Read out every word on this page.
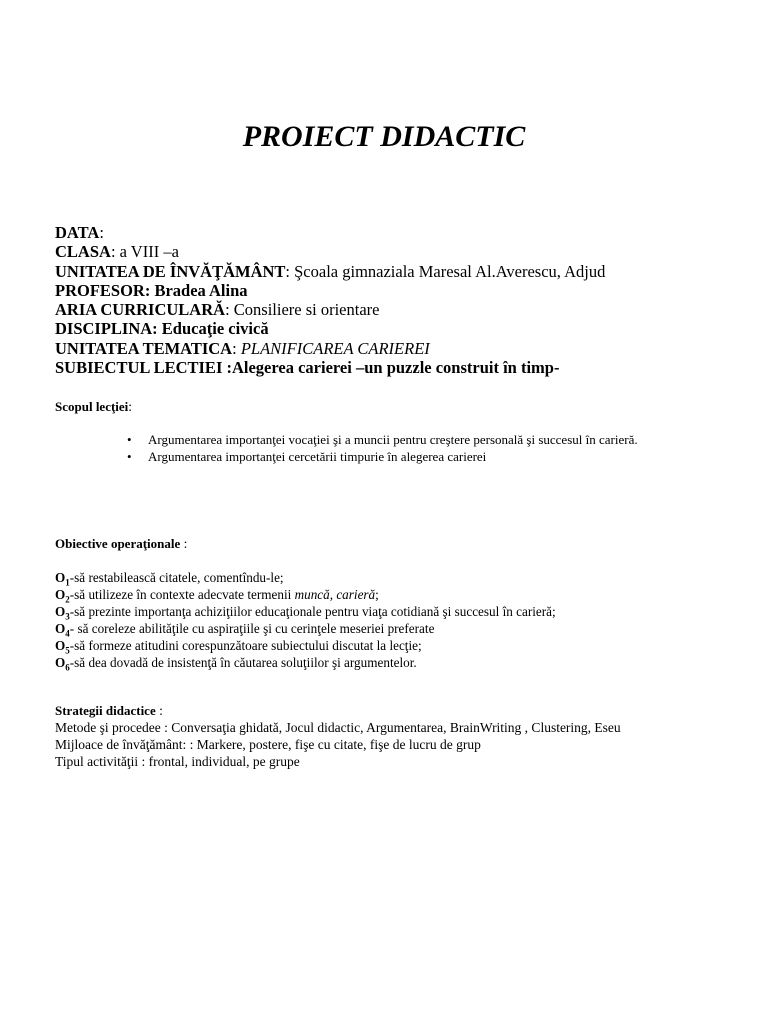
PROIECT DIDACTIC
DATA:
CLASA: a VIII –a
UNITATEA DE ÎNVĂŢĂMÂNT: Şcoala gimnaziala Maresal Al.Averescu, Adjud
PROFESOR: Bradea Alina
ARIA CURRICULARĂ: Consiliere si orientare
DISCIPLINA: Educaţie civică
UNITATEA TEMATICA: PLANIFICAREA CARIEREI
SUBIECTUL LECTIEI :Alegerea carierei –un puzzle construit în timp-
Scopul lecţiei:
• Argumentarea importanţei vocaţiei şi a muncii pentru creştere personală şi succesul în carieră.
• Argumentarea importanţei cercetării timpurie în alegerea carierei
Obiective operaţionale :
$O_1-să$ restabilească citatele, comentîndu-le;
$O_2-să$ utilizeze în contexte adecvate termenii muncă, carieră;
$O_3-să$ prezinte importanţa achiziţiilor educaţionale pentru viaţa cotidiană şi succesul în carieră;
$O_4-$ să coreleze abilităţile cu aspiraţiile şi cu cerinţele meseriei preferate
$O_5-să$ formeze atitudini corespunzătoare subiectului discutat la lecţie;
$O_6-să$ dea dovadă de insistenţă în căutarea soluţiilor şi argumentelor.
Strategii didactice :
Metode şi procedee : Conversaţia ghidată, Jocul didactic, Argumentarea, BrainWriting , Clustering, Eseu
Mijloace de învăţământ: : Markere, postere, fişe cu citate, fişe de lucru de grup
Tipul activităţii : frontal, individual, pe grupe
